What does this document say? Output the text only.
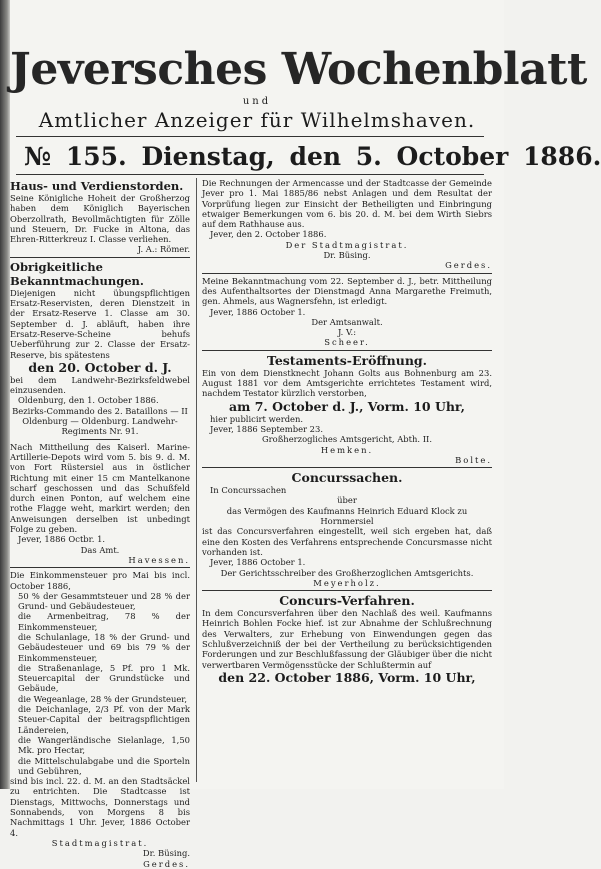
Jeversches Wochenblatt
und
Amtlicher Anzeiger für Wilhelmshaven.
№ 155. Dienstag, den 5. October 1886.
Haus- und Verdienstorden.
Seine Königliche Hoheit der Großherzog haben dem Königlich Bayerischen Oberzollrath, Bevollmächtigten für Zölle und Steuern, Dr. Fucke in Altona, das Ehren-Ritterkreuz I. Classe verliehen.
J. A.: Römer.
Obrigkeitliche Bekanntmachungen.
Diejenigen nicht übungspflichtigen Ersatz-Reservisten, deren Dienstzeit in der Ersatz-Reserve 1. Classe am 30. September d. J. abläuft, haben ihre Ersatz-Reserve-Scheine behufs Ueberführung zur 2. Classe der Ersatz-Reserve, bis spätestens
den 20. October d. J.
bei dem Landwehr-Bezirksfeldwebel einzusenden.
Oldenburg, den 1. October 1886.
Bezirks-Commando des 2. Bataillons — II Oldenburg — Oldenburg. Landwehr-Regiments Nr. 91.
Nach Mittheilung des Kaiserl. Marine-Artillerie-Depots wird vom 5. bis 9. d. M. von Fort Rüstersiel aus in östlicher Richtung mit einer 15 cm Mantelkanone scharf geschossen und das Schußfeld durch einen Ponton, auf welchem eine rothe Flagge weht, markirt werden; den Anweisungen derselben ist unbedingt Folge zu geben.
Jever, 1886 Octbr. 1.
Das Amt.
Havessen.
Die Einkommensteuer pro Mai bis incl. October 1886,
50 % der Gesammtsteuer und 28 % der Grund- und Gebäudesteuer,
die Armenbeitrag, 78 % der Einkommensteuer,
die Schulanlage, 18 % der Grund- und Gebäudesteuer und 69 bis 79 % der Einkommensteuer,
die Straßenanlage, 5 Pf. pro 1 Mk. Steuercapital der Grundstücke und Gebäude,
die Wegeanlage, 28 % der Grundsteuer,
die Deichanlage, 2/3 Pf. von der Mark Steuer-Capital der beitragspflichtigen Ländereien,
die Wangerländische Sielanlage, 1,50 Mk. pro Hectar,
die Mittelschulabgabe und die Sporteln und Gebühren,
sind bis incl. 22. d. M. an den Stadtsäckel zu entrichten. Die Stadtcasse ist Dienstags, Mittwochs, Donnerstags und Sonnabends, von Morgens 8 bis Nachmittags 1 Uhr. Jever, 1886 October 4.
Stadtmagistrat.
Dr. Büsing.
Gerdes.
Die Rechnungen der Armencasse und der Stadtcasse der Gemeinde Jever pro 1. Mai 1885/86 nebst Anlagen und dem Resultat der Vorprüfung liegen zur Einsicht der Betheiligten und Einbringung etwaiger Bemerkungen vom 6. bis 20. d. M. bei dem Wirth Siebrs auf dem Rathhause aus.
Jever, den 2. October 1886.
Der Stadtmagistrat.
Dr. Büsing.
Gerdes.
Meine Bekanntmachung vom 22. September d. J., betr. Mittheilung des Aufenthaltsortes der Dienstmagd Anna Margarethe Freimuth, gen. Ahmels, aus Wagnersfehn, ist erledigt.
Jever, 1886 October 1.
Der Amtsanwalt.
J. V.:
Scheer.
Testaments-Eröffnung.
Ein von dem Dienstknecht Johann Golts aus Bohnenburg am 23. August 1881 vor dem Amtsgerichte errichtetes Testament wird, nachdem Testator kürzlich verstorben,
am 7. October d. J., Vorm. 10 Uhr,
hier publicirt werden.
Jever, 1886 September 23.
Großherzogliches Amtsgericht, Abth. II.
Hemken.
Bolte.
Concurssachen.
In Concurssachen
über
das Vermögen des Kaufmanns Heinrich Eduard Klock zu Hornmersiel
ist das Concursverfahren eingestellt, weil sich ergeben hat, daß eine den Kosten des Verfahrens entsprechende Concursmasse nicht vorhanden ist.
Jever, 1886 October 1.
Der Gerichtsschreiber des Großherzoglichen Amtsgerichts.
Meyerholz.
Concurs-Verfahren.
In dem Concursverfahren über den Nachlaß des weil. Kaufmanns Heinrich Bohlen Focke hief. ist zur Abnahme der Schlußrechnung des Verwalters, zur Erhebung von Einwendungen gegen das Schlußverzeichniß der bei der Vertheilung zu berücksichtigenden Forderungen und zur Beschlußfassung der Gläubiger über die nicht verwertbaren Vermögensstücke der Schlußtermin auf
den 22. October 1886, Vorm. 10 Uhr,
